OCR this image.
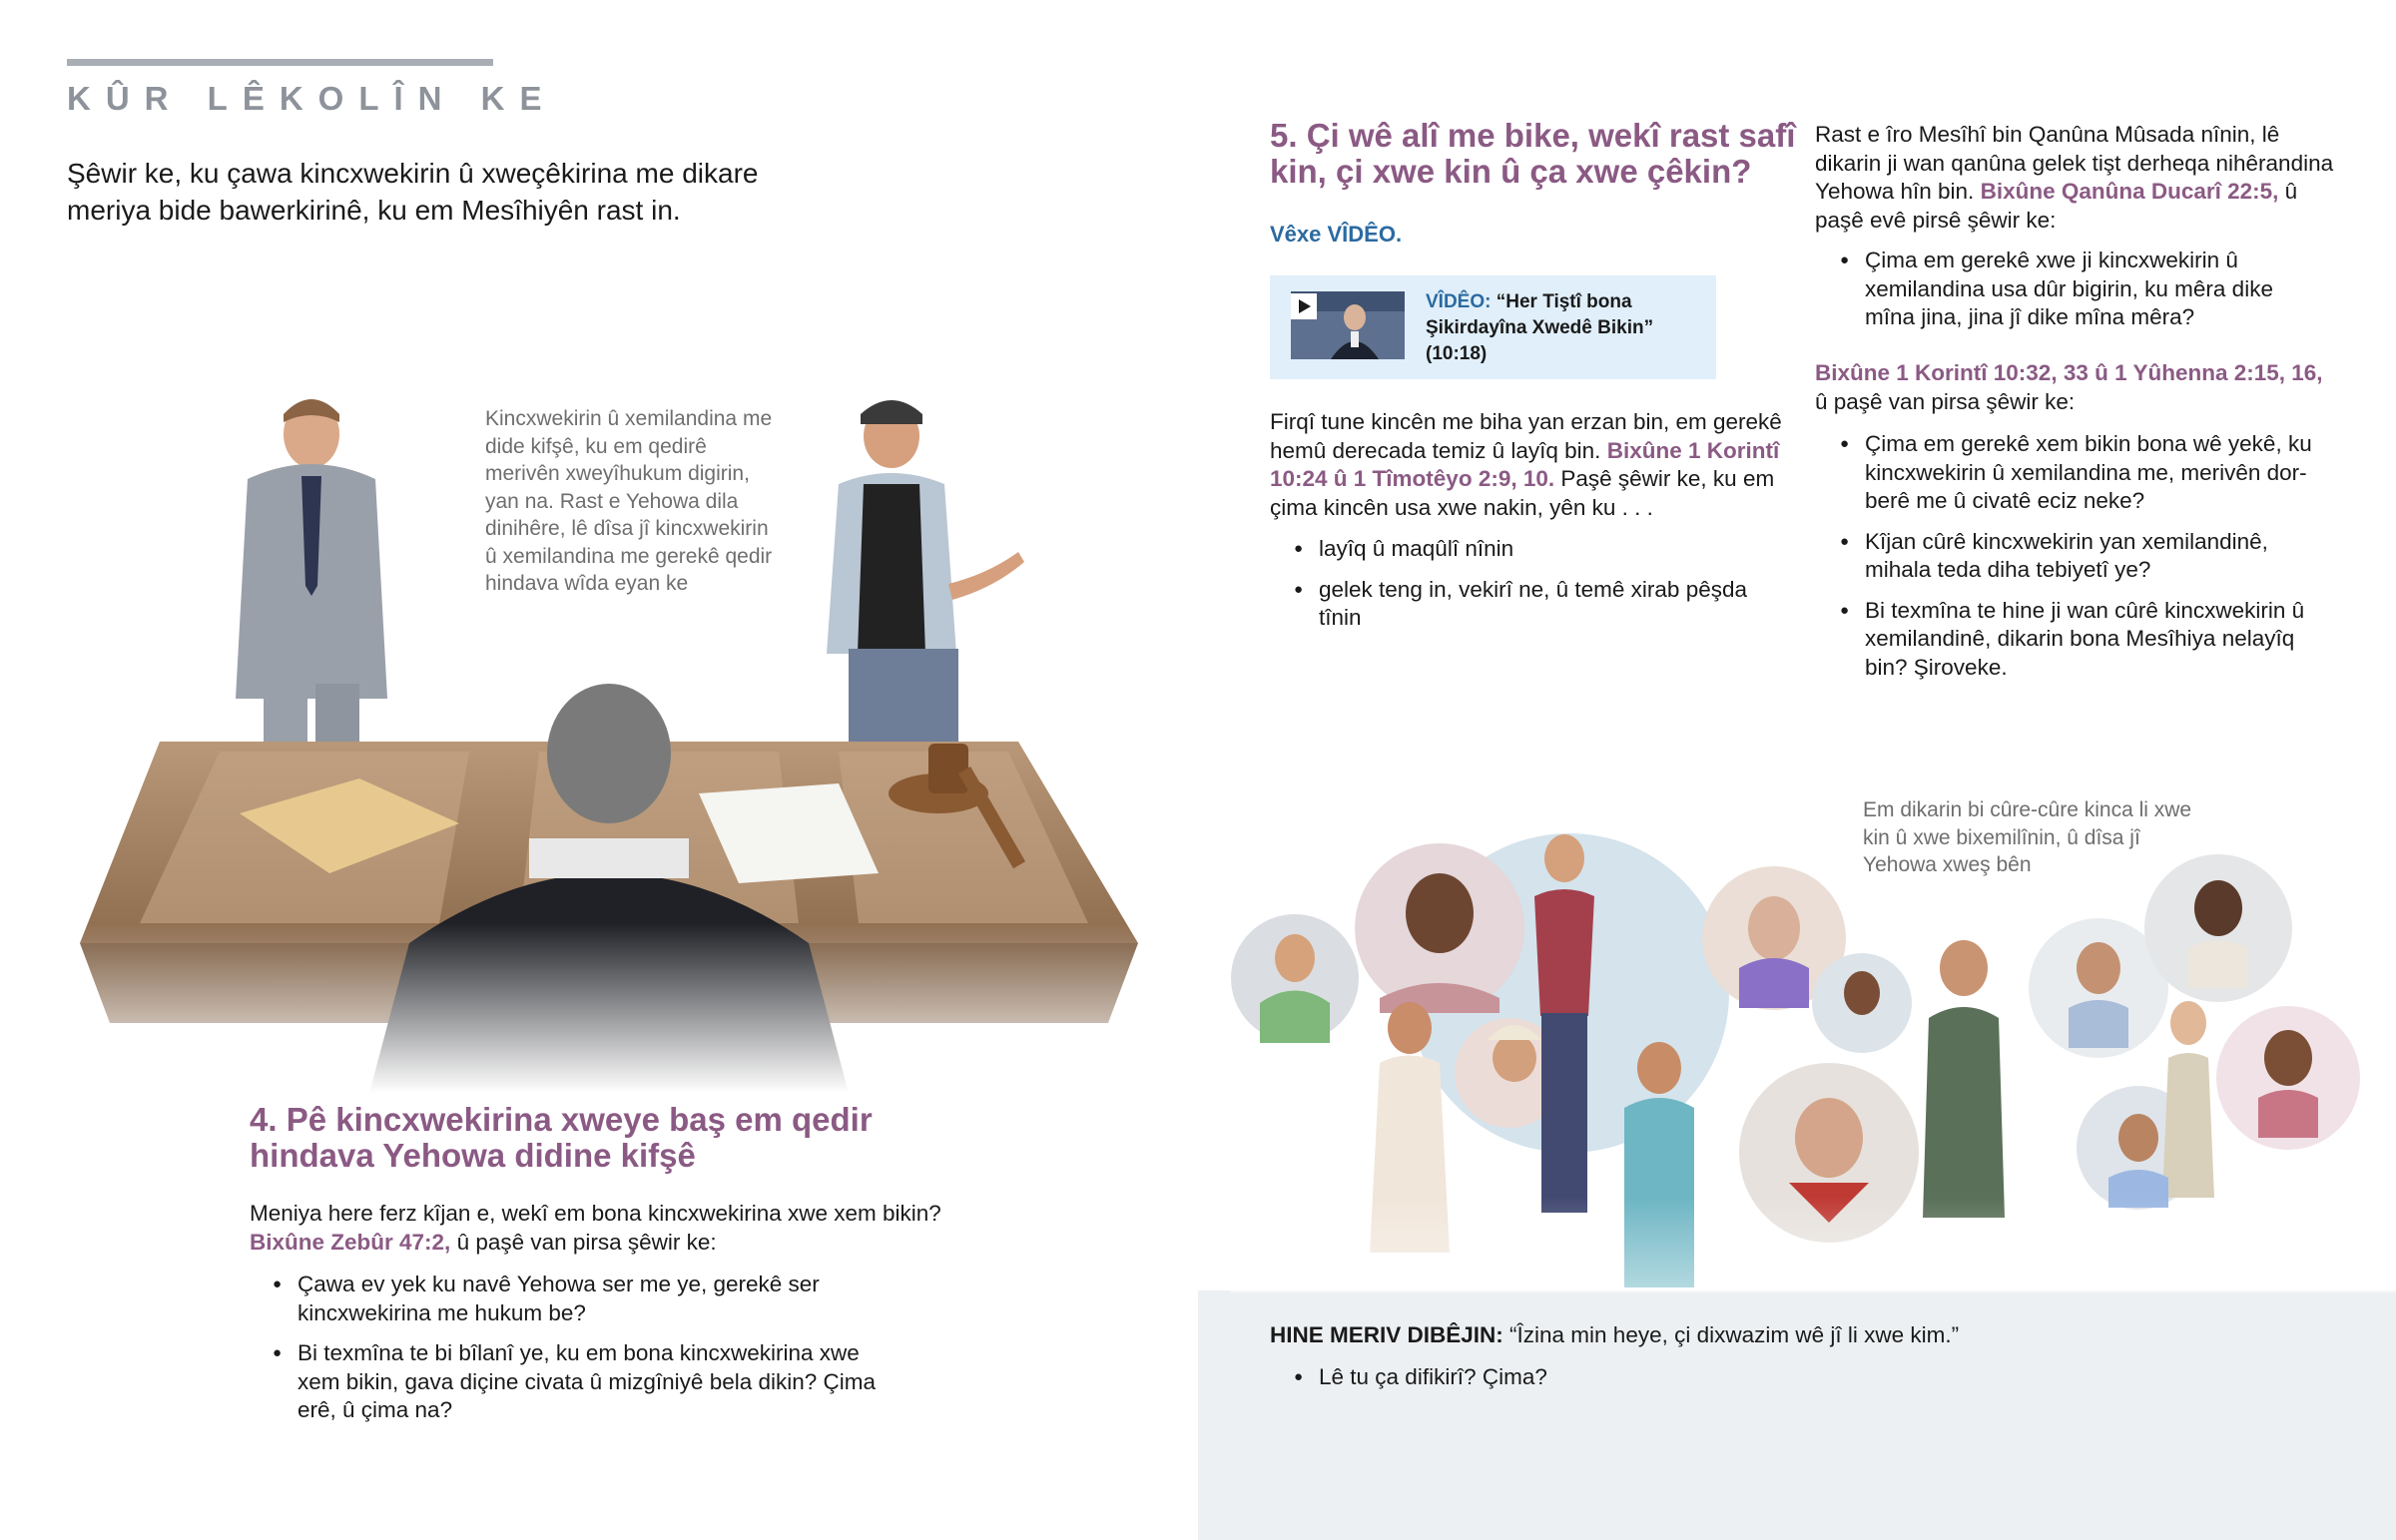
KÛR LÊKOLÎN KE
Şêwir ke, ku çawa kincxwekirin û xweçêkirina me dikare meriya bide bawerkirinê, ku em Mesîhiyên rast in.
Kincxwekirin û xemilandina me dide kifşê, ku em qedirê merivên xweyîhukum digirin, yan na. Rast e Yehowa dila dinihêre, lê dîsa jî kincxwekirin û xemilandina me gerekê qedir hindava wîda eyan ke
4. Pê kincxwekirina xweye baş em qedir hindava Yehowa didine kifşê
Meniya here ferz kîjan e, wekî em bona kincxwekirina xwe xem bikin?
Bixûne Zebûr 47:2, û paşê van pirsa şêwir ke:
● Çawa ev yek ku navê Yehowa ser me ye, gerekê ser kincxwekirina me hukum be?
● Bi texmîna te bi bîlanî ye, ku em bona kincxwekirina xwe xem bikin, gava diçine civata û mizgîniyê bela dikin? Çima erê, û çima na?
5. Çi wê alî me bike, wekî rast safî kin, çi xwe kin û ça xwe çêkin?
Vêxe VÎDÊO.
VÎDÊO: “Her Tiştî bona Şikirdayîna Xwedê Bikin” (10:18)
Firqî tune kincên me biha yan erzan bin, em gerekê hemû derecada temiz û layîq bin. Bixûne 1 Korintî 10:24 û 1 Tîmotêyo 2:9, 10. Paşê şêwir ke, ku em çima kincên usa xwe nakin, yên ku . . .
● layîq û maqûlî nînin
● gelek teng in, vekirî ne, û temê xirab pêşda tînin
Rast e îro Mesîhî bin Qanûna Mûsada nînin, lê dikarin ji wan qanûna gelek tişt derheqa nihêrandina Yehowa hîn bin. Bixûne Qanûna Ducarî 22:5, û paşê evê pirsê şêwir ke:
● Çima em gerekê xwe ji kincxwekirin û xemilandina usa dûr bigirin, ku mêra dike mîna jina, jina jî dike mîna mêra?
Bixûne 1 Korintî 10:32, 33 û 1 Yûhenna 2:15, 16,
û paşê van pirsa şêwir ke:
● Çima em gerekê xem bikin bona wê yekê, ku kincxwekirin û xemilandina me, merivên dor-berê me û civatê eciz neke?
● Kîjan cûrê kincxwekirin yan xemilandinê, mihala teda diha tebiyetî ye?
● Bi texmîna te hine ji wan cûrê kincxwekirin û xemilandinê, dikarin bona Mesîhiya nelayîq bin? Şiroveke.
Em dikarin bi cûre-cûre kinca li xwe kin û xwe bixemilînin, û dîsa jî Yehowa xweş bên
HINE MERIV DIBÊJIN: “Îzina min heye, çi dixwazim wê jî li xwe kim.”
● Lê tu ça difikirî? Çima?
